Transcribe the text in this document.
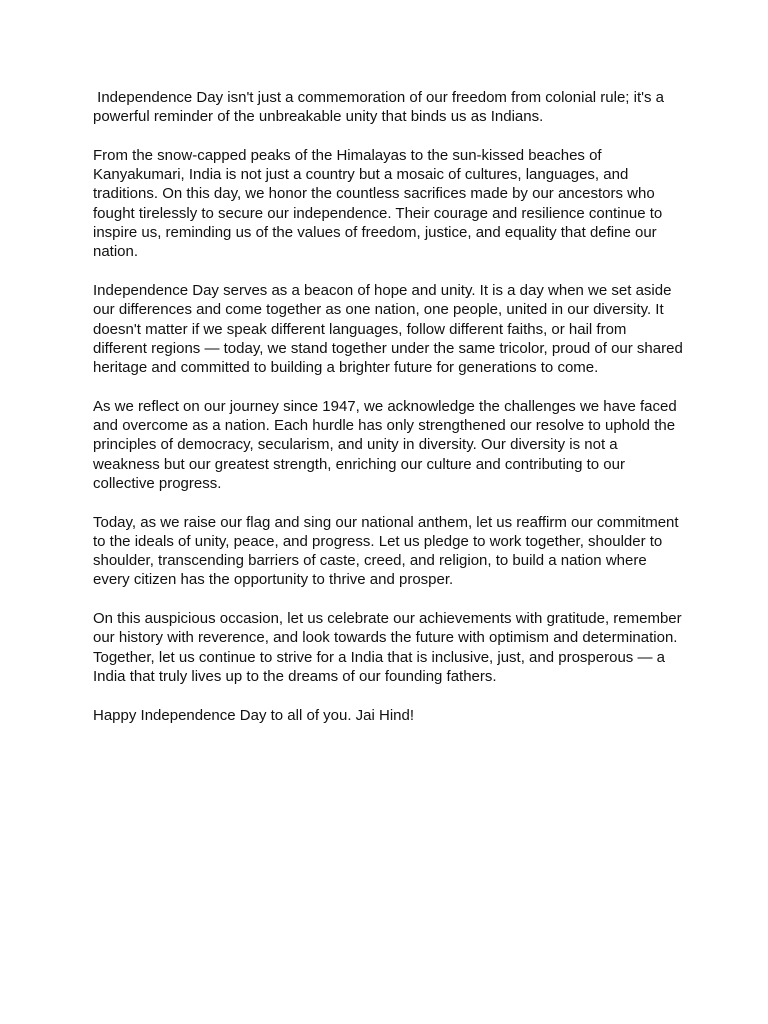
Independence Day isn't just a commemoration of our freedom from colonial rule; it's a powerful reminder of the unbreakable unity that binds us as Indians.

From the snow-capped peaks of the Himalayas to the sun-kissed beaches of Kanyakumari, India is not just a country but a mosaic of cultures, languages, and traditions. On this day, we honor the countless sacrifices made by our ancestors who fought tirelessly to secure our independence. Their courage and resilience continue to inspire us, reminding us of the values of freedom, justice, and equality that define our nation.

Independence Day serves as a beacon of hope and unity. It is a day when we set aside our differences and come together as one nation, one people, united in our diversity. It doesn't matter if we speak different languages, follow different faiths, or hail from different regions — today, we stand together under the same tricolor, proud of our shared heritage and committed to building a brighter future for generations to come.

As we reflect on our journey since 1947, we acknowledge the challenges we have faced and overcome as a nation. Each hurdle has only strengthened our resolve to uphold the principles of democracy, secularism, and unity in diversity. Our diversity is not a weakness but our greatest strength, enriching our culture and contributing to our collective progress.

Today, as we raise our flag and sing our national anthem, let us reaffirm our commitment to the ideals of unity, peace, and progress. Let us pledge to work together, shoulder to shoulder, transcending barriers of caste, creed, and religion, to build a nation where every citizen has the opportunity to thrive and prosper.

On this auspicious occasion, let us celebrate our achievements with gratitude, remember our history with reverence, and look towards the future with optimism and determination. Together, let us continue to strive for a India that is inclusive, just, and prosperous — a India that truly lives up to the dreams of our founding fathers.

Happy Independence Day to all of you. Jai Hind!
